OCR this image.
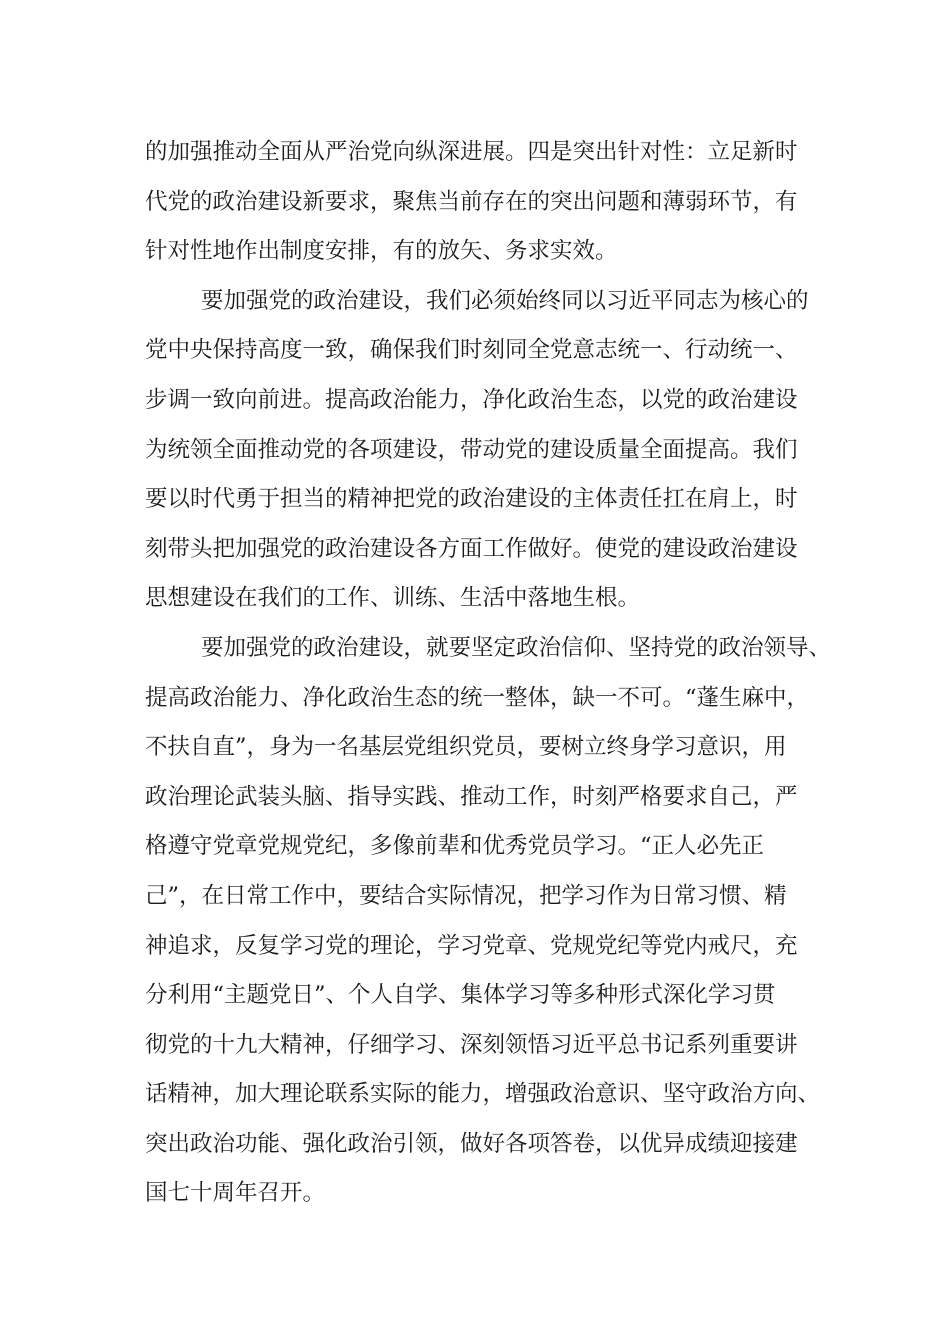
的加强推动全面从严治党向纵深进展。四是突出针对性：立足新时
代党的政治建设新要求，聚焦当前存在的突出问题和薄弱环节，有
针对性地作出制度安排，有的放矢、务求实效。
要加强党的政治建设，我们必须始终同以习近平同志为核心的
党中央保持高度一致，确保我们时刻同全党意志统一、行动统一、
步调一致向前进。提高政治能力，净化政治生态，以党的政治建设
为统领全面推动党的各项建设，带动党的建设质量全面提高。我们
要以时代勇于担当的精神把党的政治建设的主体责任扛在肩上，时
刻带头把加强党的政治建设各方面工作做好。使党的建设政治建设
思想建设在我们的工作、训练、生活中落地生根。
要加强党的政治建设，就要坚定政治信仰、坚持党的政治领导、
提高政治能力、净化政治生态的统一整体，缺一不可。“蓬生麻中，
不扶自直”，身为一名基层党组织党员，要树立终身学习意识，用
政治理论武装头脑、指导实践、推动工作，时刻严格要求自己，严
格遵守党章党规党纪，多像前辈和优秀党员学习。“正人必先正
己”，在日常工作中，要结合实际情况，把学习作为日常习惯、精
神追求，反复学习党的理论，学习党章、党规党纪等党内戒尺，充
分利用“主题党日”、个人自学、集体学习等多种形式深化学习贯
彻党的十九大精神，仔细学习、深刻领悟习近平总书记系列重要讲
话精神，加大理论联系实际的能力，增强政治意识、坚守政治方向、
突出政治功能、强化政治引领，做好各项答卷，以优异成绩迎接建
国七十周年召开。
